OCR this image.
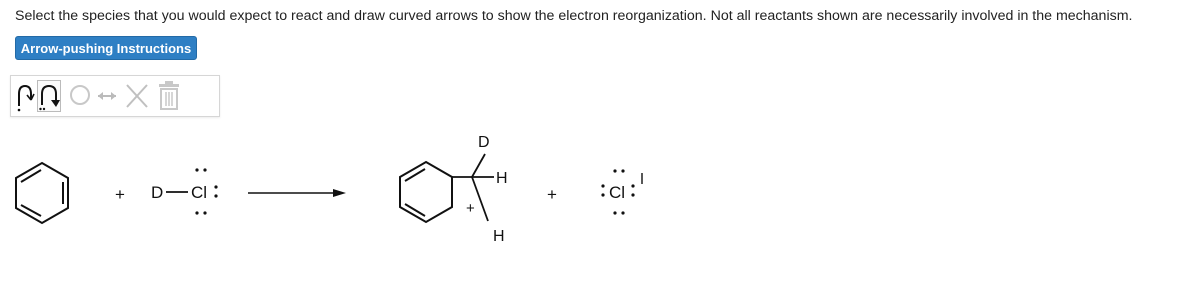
Select the species that you would expect to react and draw curved arrows to show the electron reorganization. Not all reactants shown are necessarily involved in the mechanism.
Arrow-pushing Instructions
+ D Cl
D
H
H
+
+	Cl
